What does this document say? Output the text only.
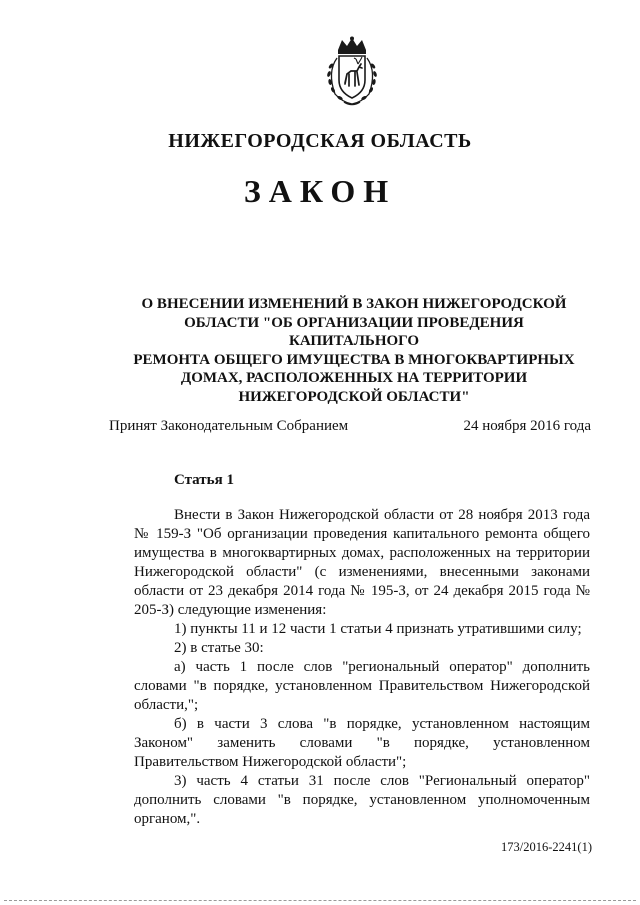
НИЖЕГОРОДСКАЯ ОБЛАСТЬ
ЗАКОН
О ВНЕСЕНИИ ИЗМЕНЕНИЙ В ЗАКОН НИЖЕГОРОДСКОЙ
ОБЛАСТИ "ОБ ОРГАНИЗАЦИИ ПРОВЕДЕНИЯ КАПИТАЛЬНОГО
РЕМОНТА ОБЩЕГО ИМУЩЕСТВА В МНОГОКВАРТИРНЫХ
ДОМАХ, РАСПОЛОЖЕННЫХ НА ТЕРРИТОРИИ
НИЖЕГОРОДСКОЙ ОБЛАСТИ"
Принят Законодательным Собранием	24 ноября 2016 года
Статья 1

Внести в Закон Нижегородской области от 28 ноября 2013 года № 159-З "Об организации проведения капитального ремонта общего имущества в многоквартирных домах, расположенных на территории Нижегородской области" (с изменениями, внесенными законами области от 23 декабря 2014 года № 195-З, от 24 декабря 2015 года № 205-З) следующие изменения:

1) пункты 11 и 12 части 1 статьи 4 признать утратившими силу;

2) в статье 30:

а) часть 1 после слов "региональный оператор" дополнить словами "в порядке, установленном Правительством Нижегородской области,";

б) в части 3 слова "в порядке, установленном настоящим Законом" заменить словами "в порядке, установленном Правительством Нижегородской области";

3) часть 4 статьи 31 после слов "Региональный оператор" дополнить словами "в порядке, установленном уполномоченным органом,".

173/2016-2241(1)
